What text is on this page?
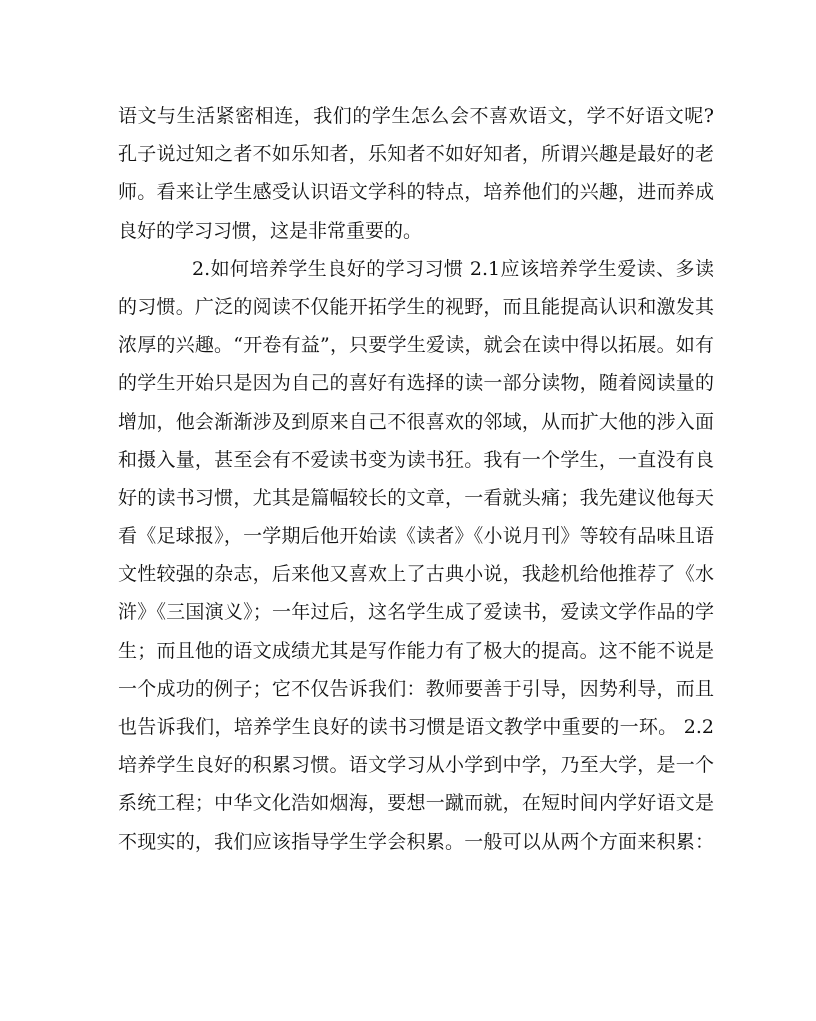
语文与生活紧密相连，我们的学生怎么会不喜欢语文，学不好语文呢?
孔子说过知之者不如乐知者，乐知者不如好知者，所谓兴趣是最好的老
师。看来让学生感受认识语文学科的特点，培养他们的兴趣，进而养成
良好的学习习惯，这是非常重要的。
2.如何培养学生良好的学习习惯 2.1应该培养学生爱读、多读
的习惯。广泛的阅读不仅能开拓学生的视野，而且能提高认识和激发其
浓厚的兴趣。“开卷有益”，只要学生爱读，就会在读中得以拓展。如有
的学生开始只是因为自己的喜好有选择的读一部分读物，随着阅读量的
增加，他会渐渐涉及到原来自己不很喜欢的邻域，从而扩大他的涉入面
和摄入量，甚至会有不爱读书变为读书狂。我有一个学生，一直没有良
好的读书习惯，尤其是篇幅较长的文章，一看就头痛；我先建议他每天
看《足球报》，一学期后他开始读《读者》《小说月刊》等较有品味且语
文性较强的杂志，后来他又喜欢上了古典小说，我趁机给他推荐了《水
浒》《三国演义》；一年过后，这名学生成了爱读书，爱读文学作品的学
生；而且他的语文成绩尤其是写作能力有了极大的提高。这不能不说是
一个成功的例子；它不仅告诉我们：教师要善于引导，因势利导，而且
也告诉我们，培养学生良好的读书习惯是语文教学中重要的一环。 2.2
培养学生良好的积累习惯。语文学习从小学到中学，乃至大学，是一个
系统工程；中华文化浩如烟海，要想一蹴而就，在短时间内学好语文是
不现实的，我们应该指导学生学会积累。一般可以从两个方面来积累：
